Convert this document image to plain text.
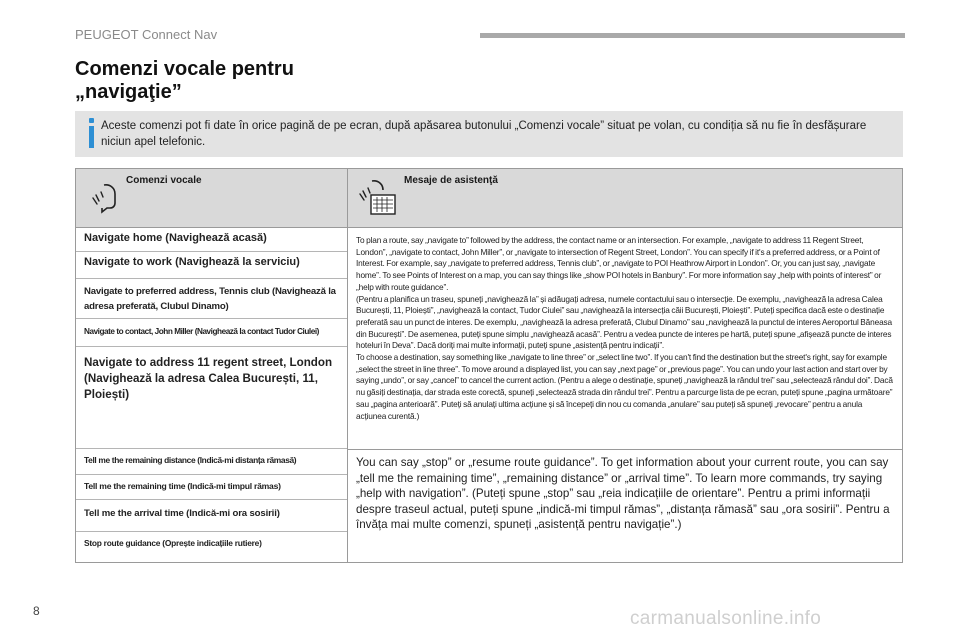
PEUGEOT Connect Nav
Comenzi vocale pentru
„navigaţie”
Aceste comenzi pot fi date în orice pagină de pe ecran, după apăsarea butonului „Comenzi vocale” situat pe volan, cu condiția să nu fie în desfășurare niciun apel telefonic.
Comenzi vocale	Mesaje de asistenţă
Navigate home (Navighează acasă)
Navigate to work (Navighează la serviciu)
Navigate to preferred address, Tennis club (Navighează la adresa preferată, Clubul Dinamo)
Navigate to contact, John Miller (Navighează la contact Tudor Ciulei)
Navigate to address 11 regent street, London (Navighează la adresa Calea București, 11, Ploiești)
Tell me the remaining distance (Indică-mi distanța rămasă)
Tell me the remaining time (Indică-mi timpul rămas)
Tell me the arrival time (Indică-mi ora sosirii)
Stop route guidance (Oprește indicațiile rutiere)

To plan a route, say „navigate to” followed by the address, the contact name or an intersection. For example, „navigate to address 11 Regent Street, London”, „navigate to contact, John Miller”, or „navigate to intersection of Regent Street, London”. You can specify if it's a preferred address, or a Point of Interest. For example, say „navigate to preferred address, Tennis club”, or „navigate to POI Heathrow Airport in London”. Or, you can just say, „navigate home”. To see Points of Interest on a map, you can say things like „show POI hotels in Banbury”. For more information say „help with points of interest” or „help with route guidance”.

(Pentru a planifica un traseu, spuneți „navighează la” și adăugați adresa, numele contactului sau o intersecție. De exemplu, „navighează la adresa Calea București, 11, Ploiești”, „navighează la contact, Tudor Ciulei” sau „navighează la intersecția căii București, Ploiești”. Puteți specifica dacă este o destinație preferată sau un punct de interes. De exemplu, „navighează la adresa preferată, Clubul Dinamo” sau „navighează la punctul de interes Aeroportul Băneasa din București”. De asemenea, puteți spune simplu „navighează acasă”. Pentru a vedea puncte de interes pe hartă, puteți spune „afișează puncte de interes hoteluri în Deva”. Dacă doriți mai multe informații, puteți spune „asistență pentru indicații”.

To choose a destination, say something like „navigate to line three” or „select line two”. If you can't find the destination but the street's right, say for example „select the street in line three”. To move around a displayed list, you can say „next page” or „previous page”. You can undo your last action and start over by saying „undo”, or say „cancel” to cancel the current action. (Pentru a alege o destinație, spuneți „navighează la rândul trei” sau „selectează rândul doi”. Dacă nu găsiți destinația, dar strada este corectă, spuneți „selectează strada din rândul trei”. Pentru a parcurge lista de pe ecran, puteți spune „pagina următoare” sau „pagina anterioară”. Puteți să anulați ultima acțiune și să începeți din nou cu comanda „anulare” sau puteți să spuneți „revocare” pentru a anula acțiunea curentă.)

You can say „stop” or „resume route guidance”. To get information about your current route, you can say „tell me the remaining time”, „remaining distance” or „arrival time”. To learn more commands, try saying „help with navigation”. (Puteți spune „stop” sau „reia indicațiile de orientare”. Pentru a primi informații despre traseul actual, puteți spune „indică-mi timpul rămas”, „distanța rămasă” sau „ora sosirii”. Pentru a învăța mai multe comenzi, spuneți „asistență pentru navigație”.)
8	carmanualsonline.info
